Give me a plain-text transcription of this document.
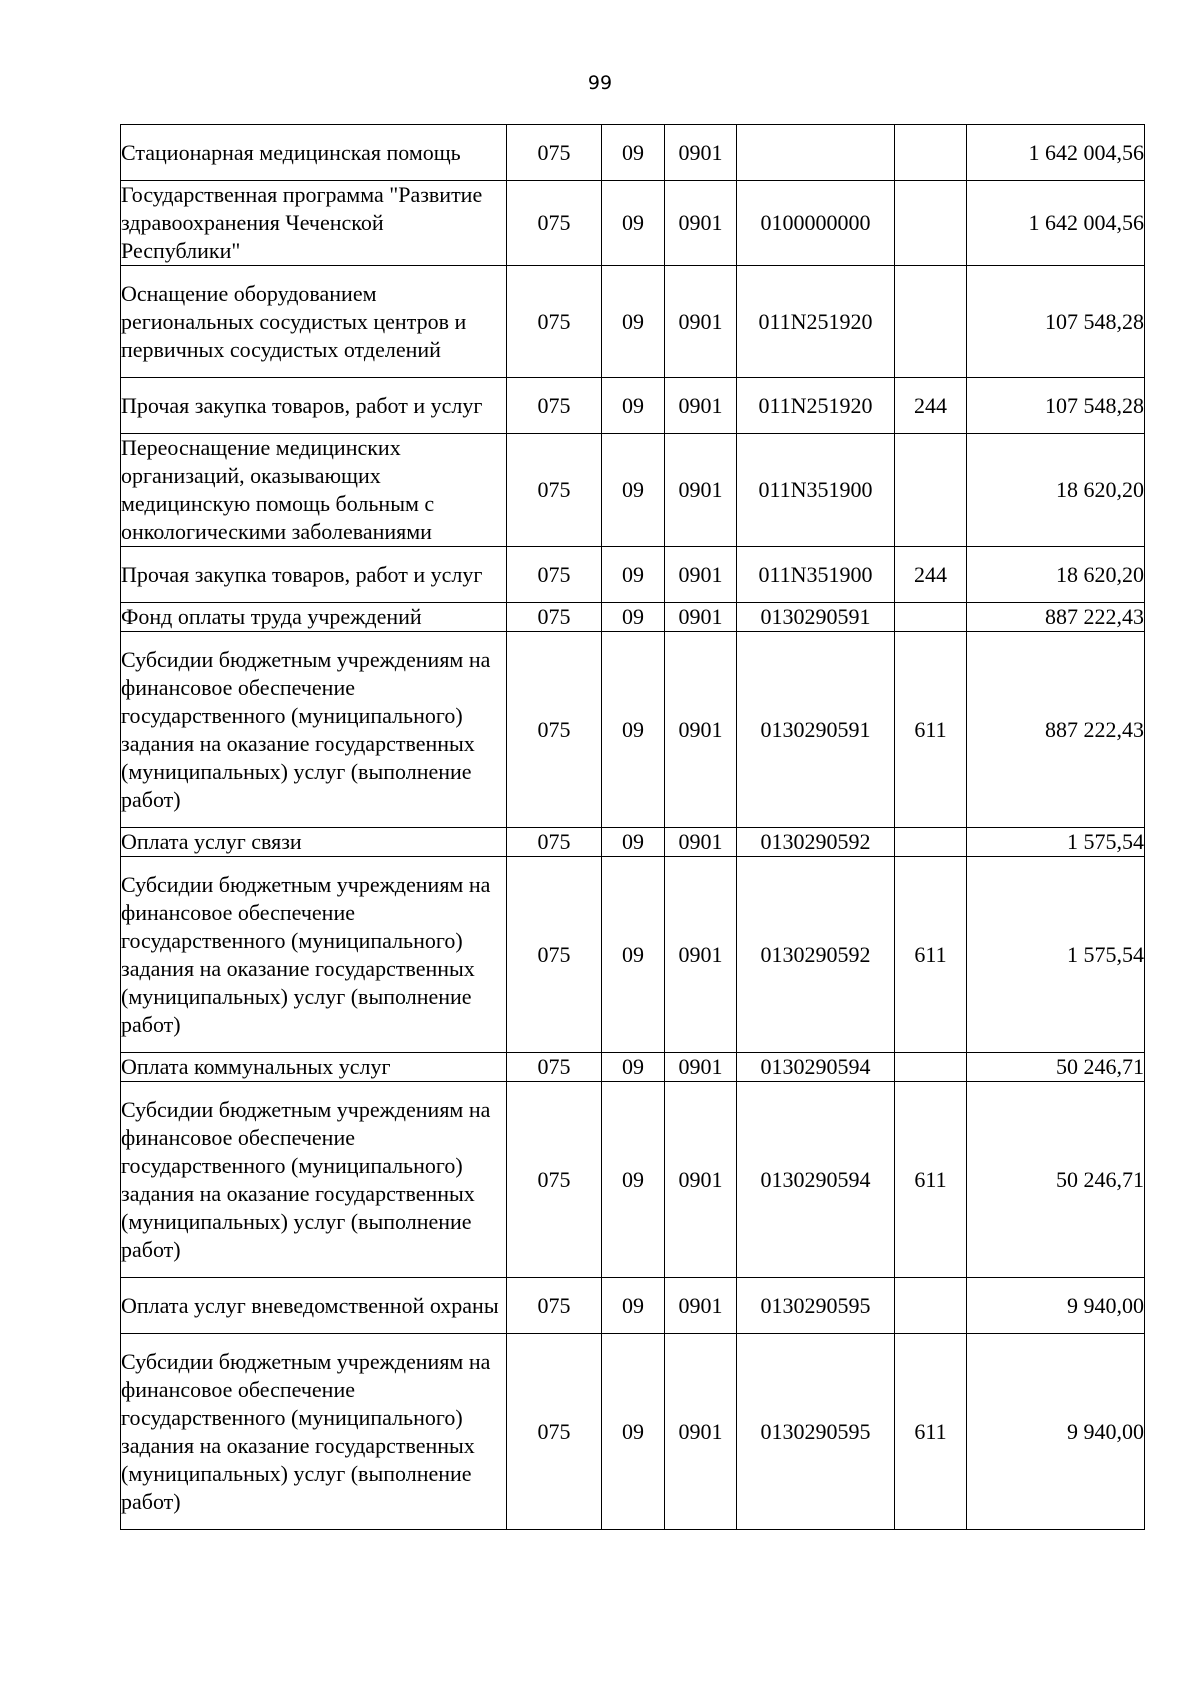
99
Стационарная медицинская помощь	075	09	0901			1 642 004,56
Государственная программа "Развитие здравоохранения Чеченской Республики"	075	09	0901	0100000000		1 642 004,56
Оснащение оборудованием региональных сосудистых центров и первичных сосудистых отделений	075	09	0901	011N251920		107 548,28
Прочая закупка товаров, работ и услуг	075	09	0901	011N251920	244	107 548,28
Переоснащение медицинских организаций, оказывающих медицинскую помощь больным с онкологическими заболеваниями	075	09	0901	011N351900		18 620,20
Прочая закупка товаров, работ и услуг	075	09	0901	011N351900	244	18 620,20
Фонд оплаты труда учреждений	075	09	0901	0130290591		887 222,43
Субсидии бюджетным учреждениям на финансовое обеспечение государственного (муниципального) задания на оказание государственных (муниципальных) услуг (выполнение работ)	075	09	0901	0130290591	611	887 222,43
Оплата услуг связи	075	09	0901	0130290592		1 575,54
Субсидии бюджетным учреждениям на финансовое обеспечение государственного (муниципального) задания на оказание государственных (муниципальных) услуг (выполнение работ)	075	09	0901	0130290592	611	1 575,54
Оплата коммунальных услуг	075	09	0901	0130290594		50 246,71
Субсидии бюджетным учреждениям на финансовое обеспечение государственного (муниципального) задания на оказание государственных (муниципальных) услуг (выполнение работ)	075	09	0901	0130290594	611	50 246,71
Оплата услуг вневедомственной охраны	075	09	0901	0130290595		9 940,00
Субсидии бюджетным учреждениям на финансовое обеспечение государственного (муниципального) задания на оказание государственных (муниципальных) услуг (выполнение работ)	075	09	0901	0130290595	611	9 940,00
